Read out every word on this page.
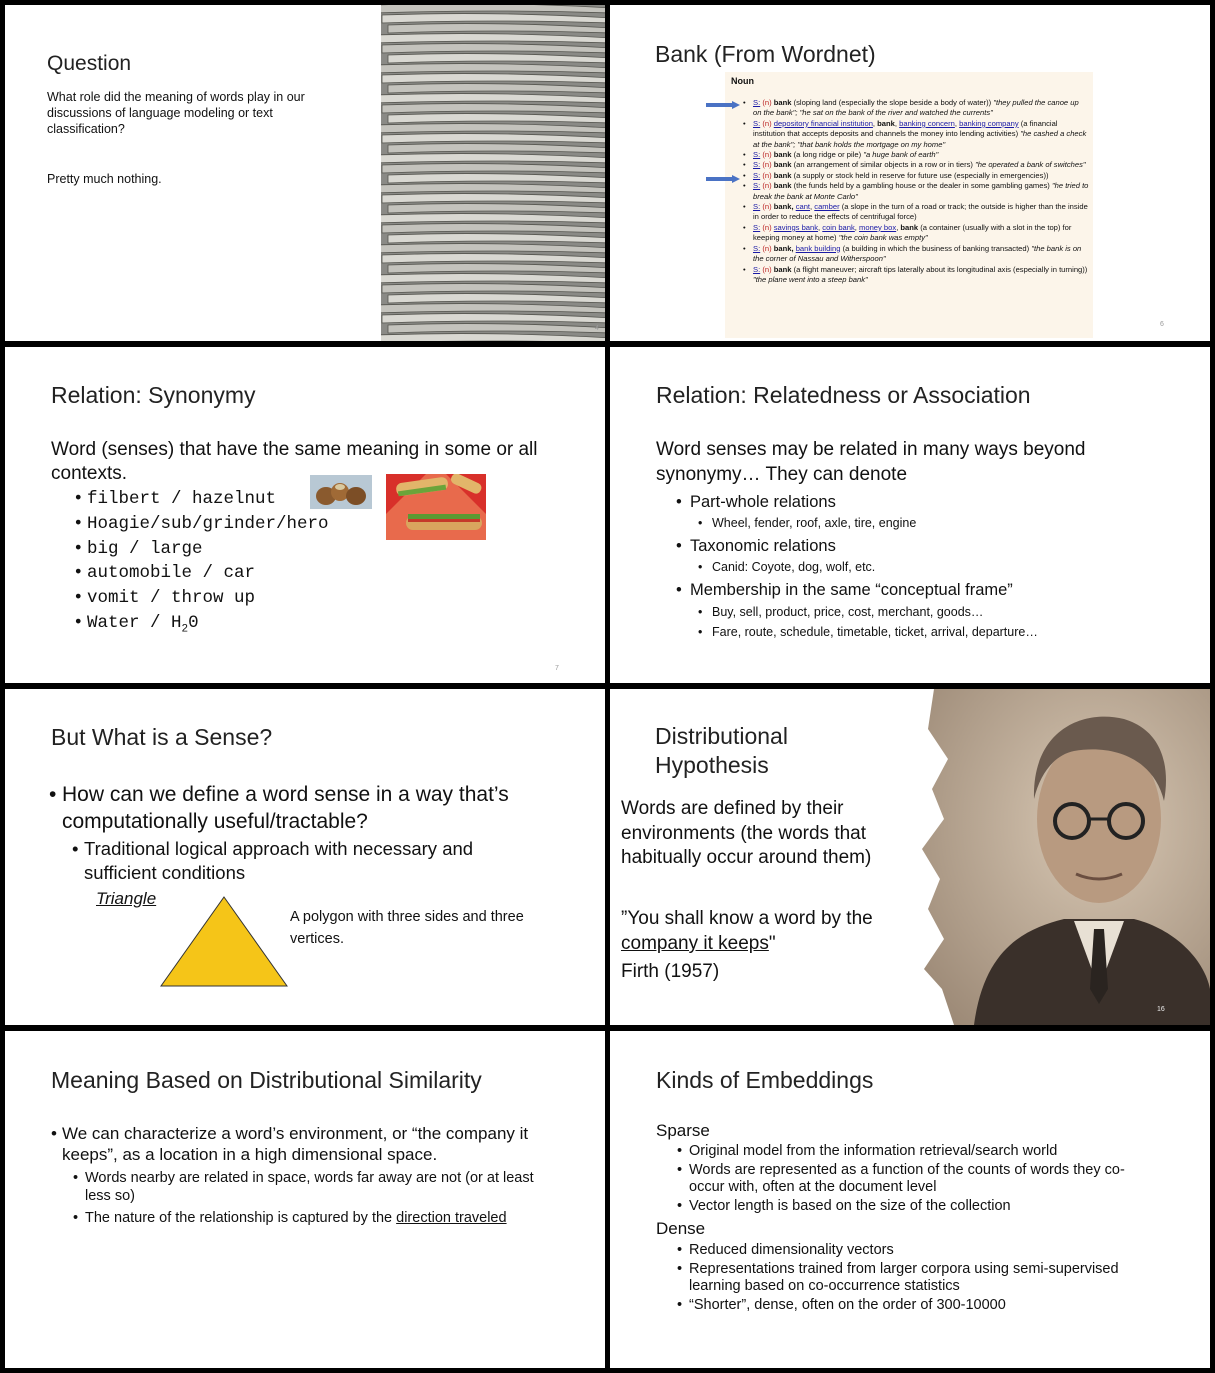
Question
What role did the meaning of words play in our discussions of language modeling or text classification?
Pretty much nothing.
4
Bank (From Wordnet)
Noun
• S: (n) bank (sloping land (especially the slope beside a body of water)) "they pulled the canoe up on the bank"; "he sat on the bank of the river and watched the currents"
• S: (n) depository financial institution, bank, banking concern, banking company (a financial institution that accepts deposits and channels the money into lending activities) "he cashed a check at the bank"; "that bank holds the mortgage on my home"
• S: (n) bank (a long ridge or pile) "a huge bank of earth"
• S: (n) bank (an arrangement of similar objects in a row or in tiers) "he operated a bank of switches"
• S: (n) bank (a supply or stock held in reserve for future use (especially in emergencies))
• S: (n) bank (the funds held by a gambling house or the dealer in some gambling games) "he tried to break the bank at Monte Carlo"
• S: (n) bank, cant, camber (a slope in the turn of a road or track; the outside is higher than the inside in order to reduce the effects of centrifugal force)
• S: (n) savings bank, coin bank, money box, bank (a container (usually with a slot in the top) for keeping money at home) "the coin bank was empty"
• S: (n) bank, bank building (a building in which the business of banking transacted) "the bank is on the corner of Nassau and Witherspoon"
• S: (n) bank (a flight maneuver; aircraft tips laterally about its longitudinal axis (especially in turning)) "the plane went into a steep bank"
6
Relation: Synonymy
Word (senses) that have the same meaning in some or all contexts.
• filbert / hazelnut
• Hoagie/sub/grinder/hero
• big / large
• automobile / car
• vomit / throw up
• Water / $H_20$
7
Relation: Relatedness or Association
Word senses may be related in many ways beyond synonymy… They can denote
• Part-whole relations
• Wheel, fender, roof, axle, tire, engine
• Taxonomic relations
• Canid: Coyote, dog, wolf, etc.
• Membership in the same “conceptual frame”
• Buy, sell, product, price, cost, merchant, goods…
• Fare, route, schedule, timetable, ticket, arrival, departure…
But What is a Sense?
• How can we define a word sense in a way that’s computationally useful/tractable?
• Traditional logical approach with necessary and sufficient conditions
Triangle
A polygon with three sides and three vertices.
Distributional
Hypothesis
Words are defined by their environments (the words that habitually occur around them)
”You shall know a word by the company it keeps"
Firth (1957)
16
Meaning Based on Distributional Similarity
• We can characterize a word’s environment, or “the company it keeps”, as a location in a high dimensional space.
• Words nearby are related in space, words far away are not (or at least less so)
• The nature of the relationship is captured by the direction traveled
Kinds of Embeddings
Sparse
• Original model from the information retrieval/search world
• Words are represented as a function of the counts of words they co-occur with, often at the document level
• Vector length is based on the size of the collection
Dense
• Reduced dimensionality vectors
• Representations trained from larger corpora using semi-supervised learning based on co-occurrence statistics
• “Shorter”, dense, often on the order of 300-10000
